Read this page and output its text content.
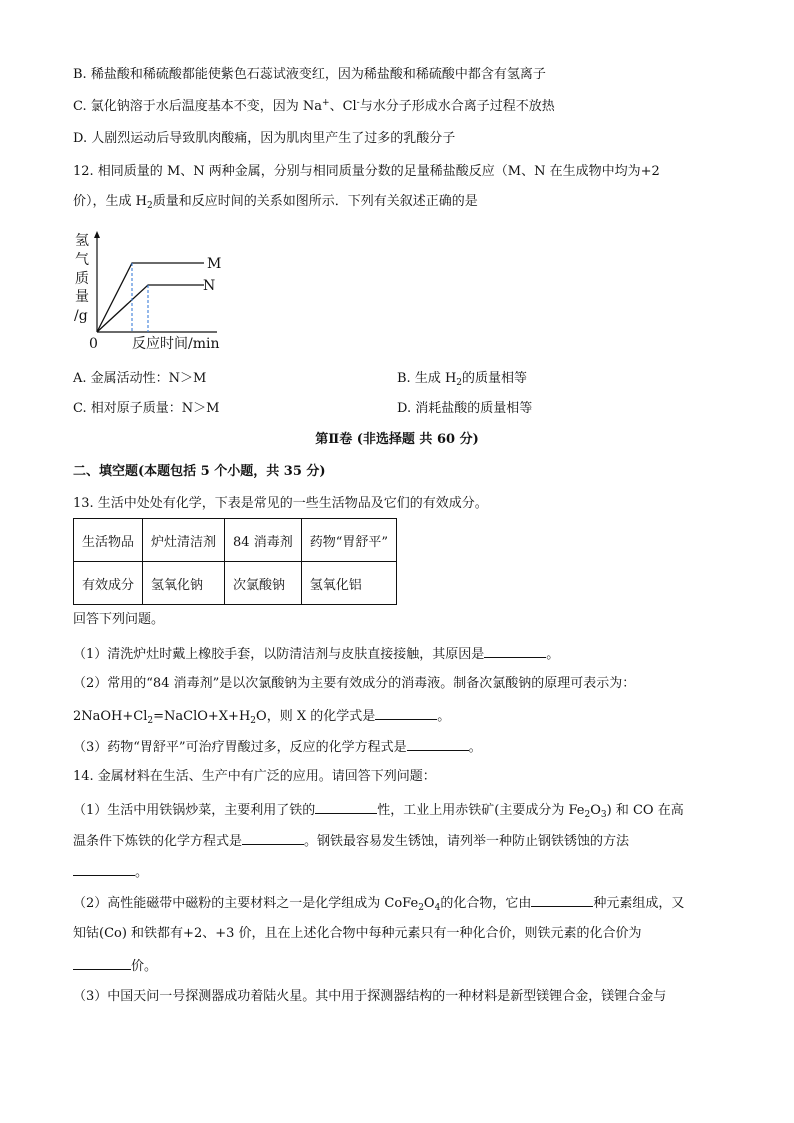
B. 稀盐酸和稀硫酸都能使紫色石蕊试液变红，因为稀盐酸和稀硫酸中都含有氢离子
C. 氯化钠溶于水后温度基本不变，因为 Na+、Cl-与水分子形成水合离子过程不放热
D. 人剧烈运动后导致肌肉酸痛，因为肌肉里产生了过多的乳酸分子
12. 相同质量的 M、N 两种金属，分别与相同质量分数的足量稀盐酸反应（M、N 在生成物中均为+2
价），生成 $H_2$质量和反应时间的关系如图所示．下列有关叙述正确的是
氢
气
质
量
/g
0 反应时间/min
M
N
A. 金属活动性：N＞M	B. 生成 $H_2$的质量相等
C. 相对原子质量：N＞M	D. 消耗盐酸的质量相等
第Ⅱ卷 (非选择题 共 60 分)
二、填空题(本题包括 5 个小题，共 35 分)
13. 生活中处处有化学，下表是常见的一些生活物品及它们的有效成分。
生活物品	炉灶清洁剂	84 消毒剂	药物“胃舒平”
有效成分	氢氧化钠	次氯酸钠	氢氧化铝
回答下列问题。
（1）清洗炉灶时戴上橡胶手套，以防清洁剂与皮肤直接接触，其原因是	。
（2）常用的“84 消毒剂”是以次氯酸钠为主要有效成分的消毒液。制备次氯酸钠的原理可表示为：
$2NaOH+Cl_2=NaClO+X+H_2O$，则 X 的化学式是	。
（3）药物“胃舒平”可治疗胃酸过多，反应的化学方程式是	。
14. 金属材料在生活、生产中有广泛的应用。请回答下列问题：
（1）生活中用铁锅炒菜，主要利用了铁的	性，工业上用赤铁矿(主要成分为 $Fe_2O_3$) 和 CO 在高
温条件下炼铁的化学方程式是	。钢铁最容易发生锈蚀，请列举一种防止钢铁锈蚀的方法
。
（2）高性能磁带中磁粉的主要材料之一是化学组成为 $CoFe_2O_4$的化合物，它由	种元素组成，又
知钴(Co) 和铁都有+2、+3 价，且在上述化合物中每种元素只有一种化合价，则铁元素的化合价为
价。
（3）中国天问一号探测器成功着陆火星。其中用于探测器结构的一种材料是新型镁锂合金，镁锂合金与
